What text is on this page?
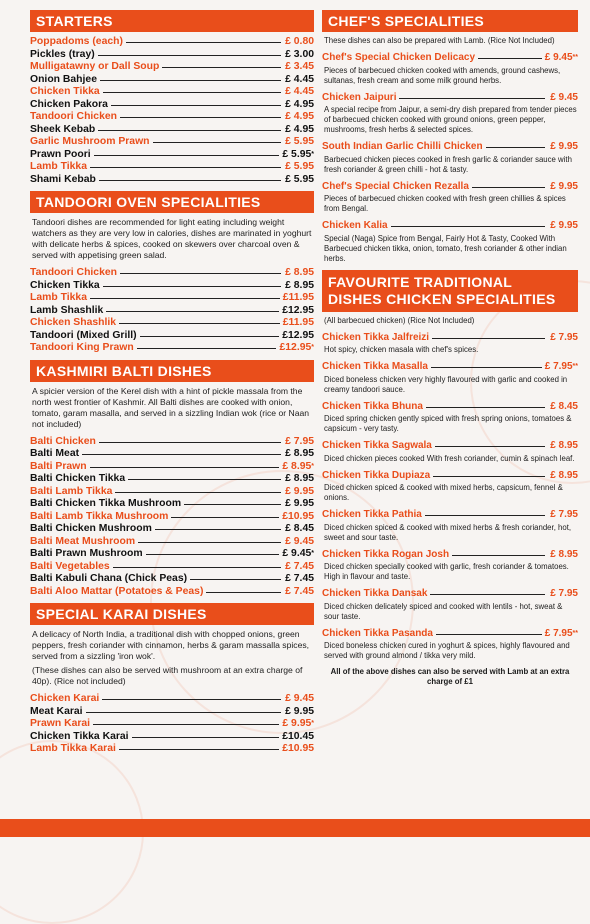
STARTERS
Poppadoms (each)	£ 0.80
Pickles (tray)	£ 3.00
Mulligatawny or Dall Soup	£ 3.45
Onion Bahjee	£ 4.45
Chicken Tikka	£ 4.45
Chicken Pakora	£ 4.95
Tandoori Chicken	£ 4.95
Sheek Kebab	£ 4.95
Garlic Mushroom Prawn	£ 5.95
Prawn Poori	£ 5.95*
Lamb Tikka	£ 5.95
Shami Kebab	£ 5.95
TANDOORI OVEN SPECIALITIES
Tandoori dishes are recommended for light eating including weight watchers as they are very low in calories, dishes are marinated in yoghurt with delicate herbs & spices, cooked on skewers over charcoal oven & served with appetising green salad.
Tandoori Chicken	£ 8.95
Chicken Tikka	£ 8.95
Lamb Tikka	£11.95
Lamb Shashlik	£12.95
Chicken Shashlik	£11.95
Tandoori (Mixed Grill)	£12.95
Tandoori King Prawn	£12.95*
KASHMIRI BALTI DISHES
A spicier version of the Kerel dish with a hint of pickle massala from the north west frontier of Kashmir. All Balti dishes are cooked with onion, tomato, garam masalla, and served in a sizzling Indian wok (rice or Naan not included)
Balti Chicken	£ 7.95
Balti Meat	£ 8.95
Balti Prawn	£ 8.95*
Balti Chicken Tikka	£ 8.95
Balti Lamb Tikka	£ 9.95
Balti Chicken Tikka Mushroom	£ 9.95
Balti Lamb Tikka Mushroom	£10.95
Balti Chicken Mushroom	£ 8.45
Balti Meat Mushroom	£ 9.45
Balti Prawn Mushroom	£ 9.45*
Balti Vegetables	£ 7.45
Balti Kabuli Chana (Chick Peas)	£ 7.45
Balti Aloo Mattar (Potatoes & Peas)	£ 7.45
SPECIAL KARAI DISHES
A delicacy of North India, a traditional dish with chopped onions, green peppers, fresh coriander with cinnamon, herbs & garam massalla spices, served from a sizzling 'iron wok'.
(These dishes can also be served with mushroom at an extra charge of 40p). (Rice not included)
Chicken Karai	£ 9.45
Meat Karai	£ 9.95
Prawn Karai	£ 9.95*
Chicken Tikka Karai	£10.45
Lamb Tikka Karai	£10.95
CHEF'S SPECIALITIES
These dishes can also be prepared with Lamb. (Rice Not Included)
Chef's Special Chicken Delicacy	£ 9.45**
Pieces of barbecued chicken cooked with amends, ground cashews, sultanas, fresh cream and some milk ground herbs.
Chicken Jaipuri	£ 9.45
A special recipe from Jaipur, a semi-dry dish prepared from tender pieces of barbecued chicken cooked with ground onions, green pepper, mushrooms, fresh herbs & selected spices.
South Indian Garlic Chilli Chicken	£ 9.95
Barbecued chicken pieces cooked in fresh garlic & coriander sauce with fresh coriander & green chilli - hot & tasty.
Chef's Special Chicken Rezalla	£ 9.95
Pieces of barbecued chicken cooked with fresh green chillies & spices from Bengal.
Chicken Kalia	£ 9.95
Special (Naga) Spice from Bengal, Fairly Hot & Tasty, Cooked With Barbecued chicken tikka, onion, tomato, fresh coriander & other indian herbs.
FAVOURITE TRADITIONAL
DISHES CHICKEN SPECIALITIES
(All barbecued chicken) (Rice Not Included)
Chicken Tikka Jalfreizi	£ 7.95
Hot spicy, chicken masala with chef's spices.
Chicken Tikka Masalla	£ 7.95**
Diced boneless chicken very highly flavoured with garlic and cooked in creamy tandoori sauce.
Chicken Tikka Bhuna	£ 8.45
Diced spring chicken gently spiced with fresh spring onions, tomatoes & capsicum - very tasty.
Chicken Tikka Sagwala	£ 8.95
Diced chicken pieces cooked With fresh coriander, cumin & spinach leaf.
Chicken Tikka Dupiaza	£ 8.95
Diced chicken spiced & cooked with mixed herbs, capsicum, fennel & onions.
Chicken Tikka Pathia	£ 7.95
Diced chicken spiced & cooked with mixed herbs & fresh coriander, hot, sweet and sour taste.
Chicken Tikka Rogan Josh	£ 8.95
Diced chicken specially cooked with garlic, fresh coriander & tomatoes. High in flavour and taste.
Chicken Tikka Dansak	£ 7.95
Diced chicken delicately spiced and cooked with lentils - hot, sweat & sour taste.
Chicken Tikka Pasanda	£ 7.95**
Diced boneless chicken cured in yoghurt & spices, highly flavoured and served with ground almond / tikka very mild.
All of the above dishes can also be served with Lamb at an extra charge of £1
